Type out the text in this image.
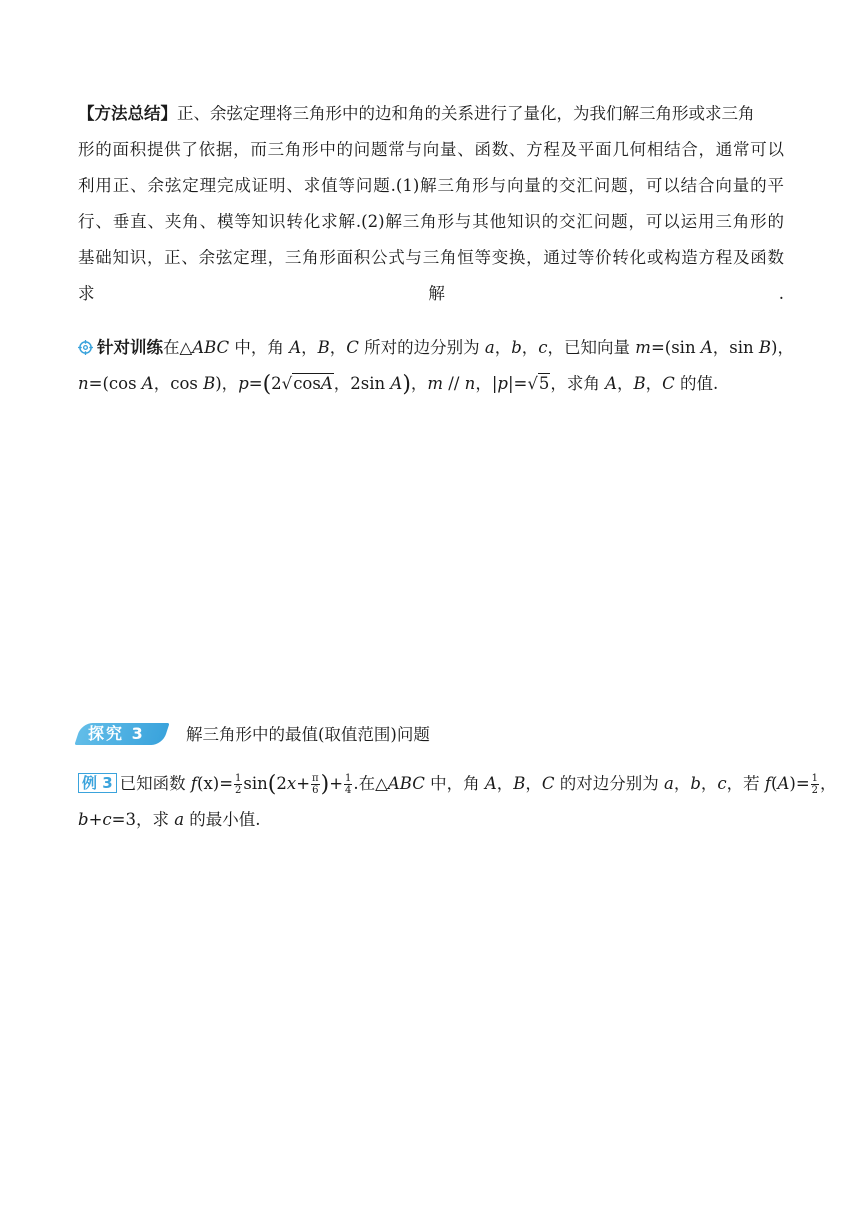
【方法总结】正、余弦定理将三角形中的边和角的关系进行了量化，为我们解三角形或求三角
形的面积提供了依据，而三角形中的问题常与向量、函数、方程及平面几何相结合，通常可以
利用正、余弦定理完成证明、求值等问题.(1)解三角形与向量的交汇问题，可以结合向量的平
行、垂直、夹角、模等知识转化求解.(2)解三角形与其他知识的交汇问题，可以运用三角形的
基础知识，正、余弦定理，三角形面积公式与三角恒等变换，通过等价转化或构造方程及函数
求解.
针对训练在△ABC 中，角 A，B，C 所对的边分别为 a，b，c，已知向量 m=(sin A，sin B)，
n=(cos A，cos B)，p=(2√cosA，2sin A)，m // n，|p|=√5，求角 A，B，C 的值.
探究 3	解三角形中的最值(取值范围)问题
例 3 已知函数 $f(x)= \frac{1}{2} \sin(2x+ \frac{\pi}{6}$ )+ $\frac{1}{4}$ .在△ABC 中，角 A，B，C 的对边分别为 a，b，c，若 $f(A)= \frac{1}{2}$ ，
b+c=3，求 a 的最小值.
